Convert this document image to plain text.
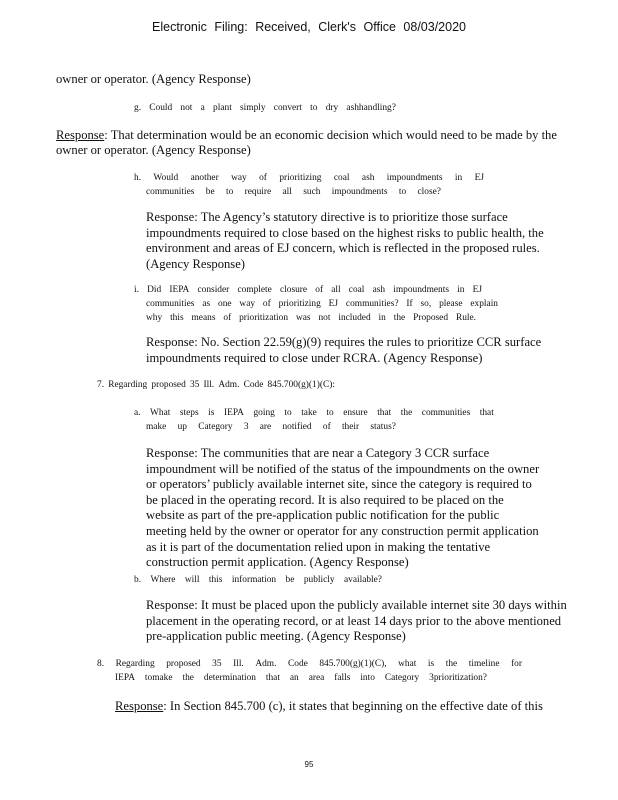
Electronic Filing: Received, Clerk's Office 08/03/2020
owner or operator. (Agency Response)
g. Could not a plant simply convert to dry ashhandling?
Response: That determination would be an economic decision which would need to be made by the
owner or operator. (Agency Response)
h. Would another way of prioritizing coal ash impoundments in EJ
communities be to require all such impoundments to close?
Response: The Agency’s statutory directive is to prioritize those surface
impoundments required to close based on the highest risks to public health, the
environment and areas of EJ concern, which is reflected in the proposed rules.
(Agency Response)
i. Did IEPA consider complete closure of all coal ash impoundments in EJ
communities as one way of prioritizing EJ communities? If so, please explain
why this means of prioritization was not included in the Proposed Rule.
Response: No. Section 22.59(g)(9) requires the rules to prioritize CCR surface
impoundments required to close under RCRA. (Agency Response)
7. Regarding proposed 35 Ill. Adm. Code 845.700(g)(1)(C):
a. What steps is IEPA going to take to ensure that the communities that
make up Category 3 are notified of their status?
Response: The communities that are near a Category 3 CCR surface
impoundment will be notified of the status of the impoundments on the owner
or operators’ publicly available internet site, since the category is required to
be placed in the operating record. It is also required to be placed on the
website as part of the pre-application public notification for the public
meeting held by the owner or operator for any construction permit application
as it is part of the documentation relied upon in making the tentative
construction permit application. (Agency Response)
b. Where will this information be publicly available?
Response: It must be placed upon the publicly available internet site 30 days within
placement in the operating record, or at least 14 days prior to the above mentioned
pre-application public meeting. (Agency Response)
8. Regarding proposed 35 Ill. Adm. Code 845.700(g)(1)(C), what is the timeline for
IEPA tomake the determination that an area falls into Category 3prioritization?
Response: In Section 845.700 (c), it states that beginning on the effective date of this
95
